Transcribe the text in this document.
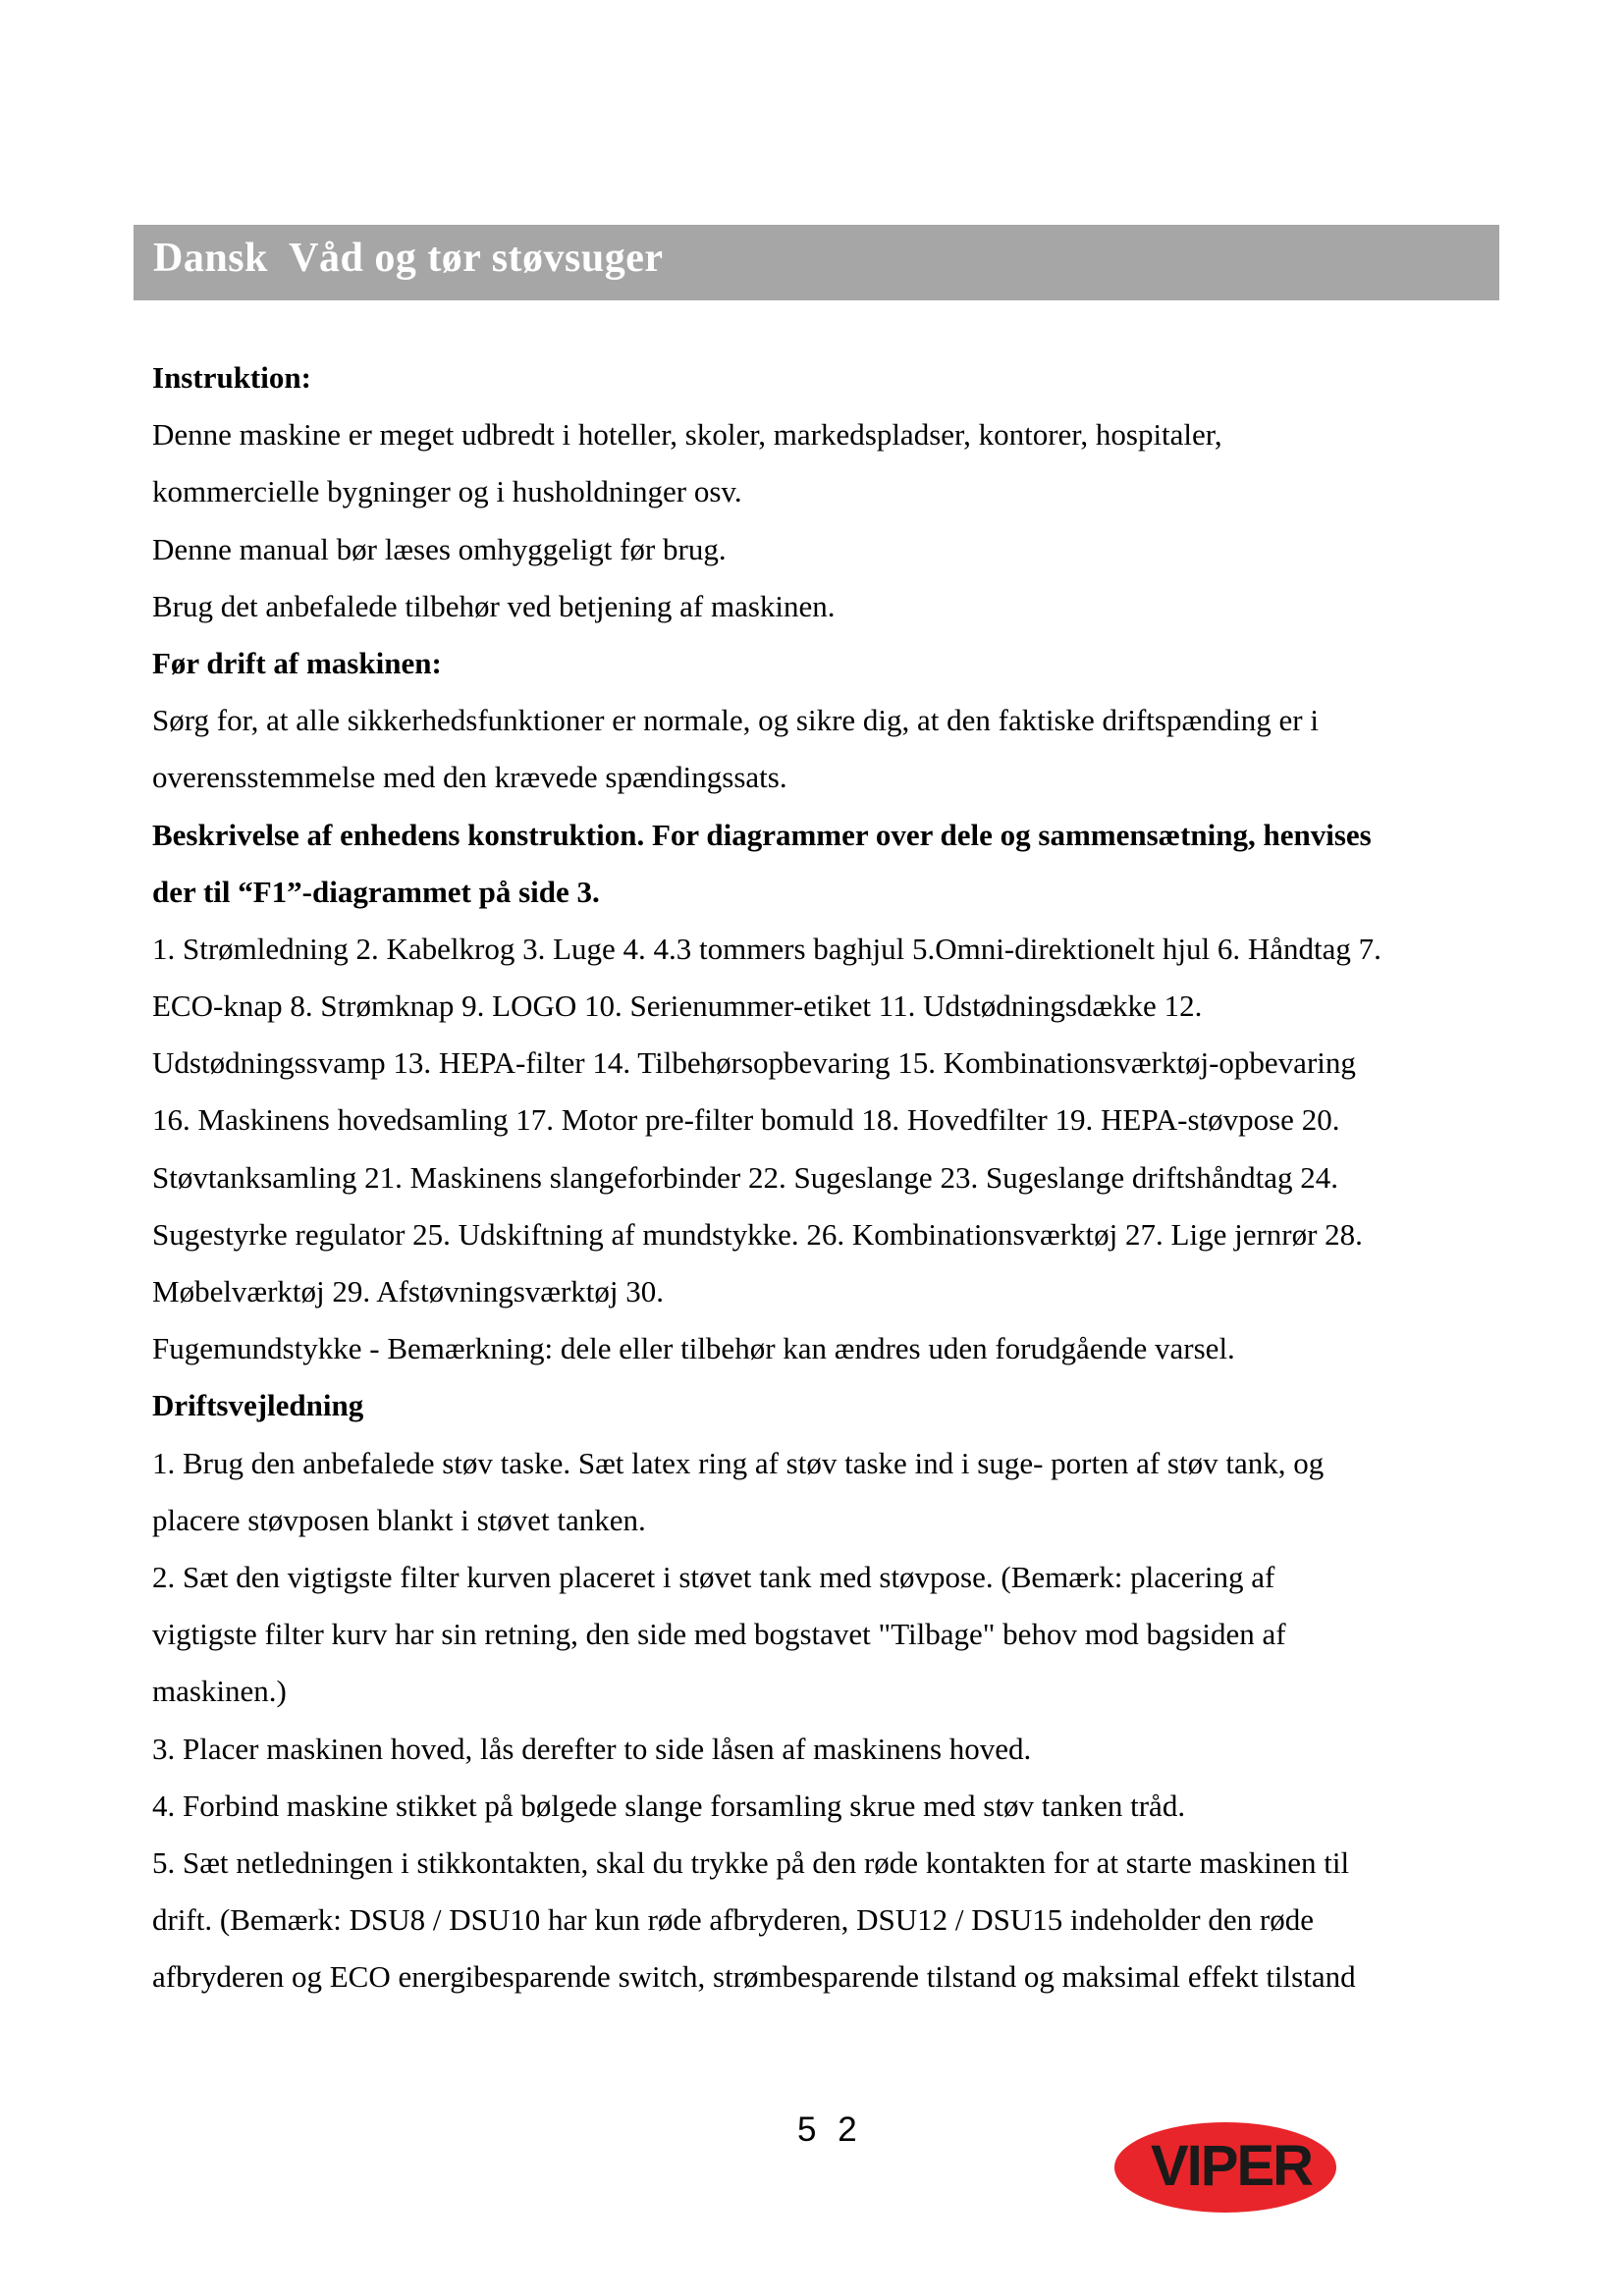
Dansk  Våd og tør støvsuger
Instruktion:
Denne maskine er meget udbredt i hoteller, skoler, markedspladser, kontorer, hospitaler,
kommercielle bygninger og i husholdninger osv.
Denne manual bør læses omhyggeligt før brug.
Brug det anbefalede tilbehør ved betjening af maskinen.
Før drift af maskinen:
Sørg for, at alle sikkerhedsfunktioner er normale, og sikre dig, at den faktiske driftspænding er i
overensstemmelse med den krævede spændingssats.
Beskrivelse af enhedens konstruktion. For diagrammer over dele og sammensætning, henvises
der til “F1”-diagrammet på side 3.
1. Strømledning 2. Kabelkrog 3. Luge 4. 4.3 tommers baghjul 5.Omni-direktionelt hjul 6. Håndtag 7.
ECO-knap 8. Strømknap 9. LOGO 10. Serienummer-etiket 11. Udstødningsdække 12.
Udstødningssvamp 13. HEPA-filter 14. Tilbehørsopbevaring 15. Kombinationsværktøj-opbevaring
16. Maskinens hovedsamling 17. Motor pre-filter bomuld 18. Hovedfilter 19. HEPA-støvpose 20.
Støvtanksamling 21. Maskinens slangeforbinder 22. Sugeslange 23. Sugeslange driftshåndtag 24.
Sugestyrke regulator 25. Udskiftning af mundstykke. 26. Kombinationsværktøj 27. Lige jernrør 28.
Møbelværktøj 29. Afstøvningsværktøj 30.
Fugemundstykke - Bemærkning: dele eller tilbehør kan ændres uden forudgående varsel.
Driftsvejledning
1. Brug den anbefalede støv taske. Sæt latex ring af støv taske ind i suge- porten af støv tank, og
placere støvposen blankt i støvet tanken.
2. Sæt den vigtigste filter kurven placeret i støvet tank med støvpose. (Bemærk: placering af
vigtigste filter kurv har sin retning, den side med bogstavet "Tilbage" behov mod bagsiden af
maskinen.)
3. Placer maskinen hoved, lås derefter to side låsen af maskinens hoved.
4. Forbind maskine stikket på bølgede slange forsamling skrue med støv tanken tråd.
5. Sæt netledningen i stikkontakten, skal du trykke på den røde kontakten for at starte maskinen til
drift. (Bemærk: DSU8 / DSU10 har kun røde afbryderen, DSU12 / DSU15 indeholder den røde
afbryderen og ECO energibesparende switch, strømbesparende tilstand og maksimal effekt tilstand
5 2
VIPER
